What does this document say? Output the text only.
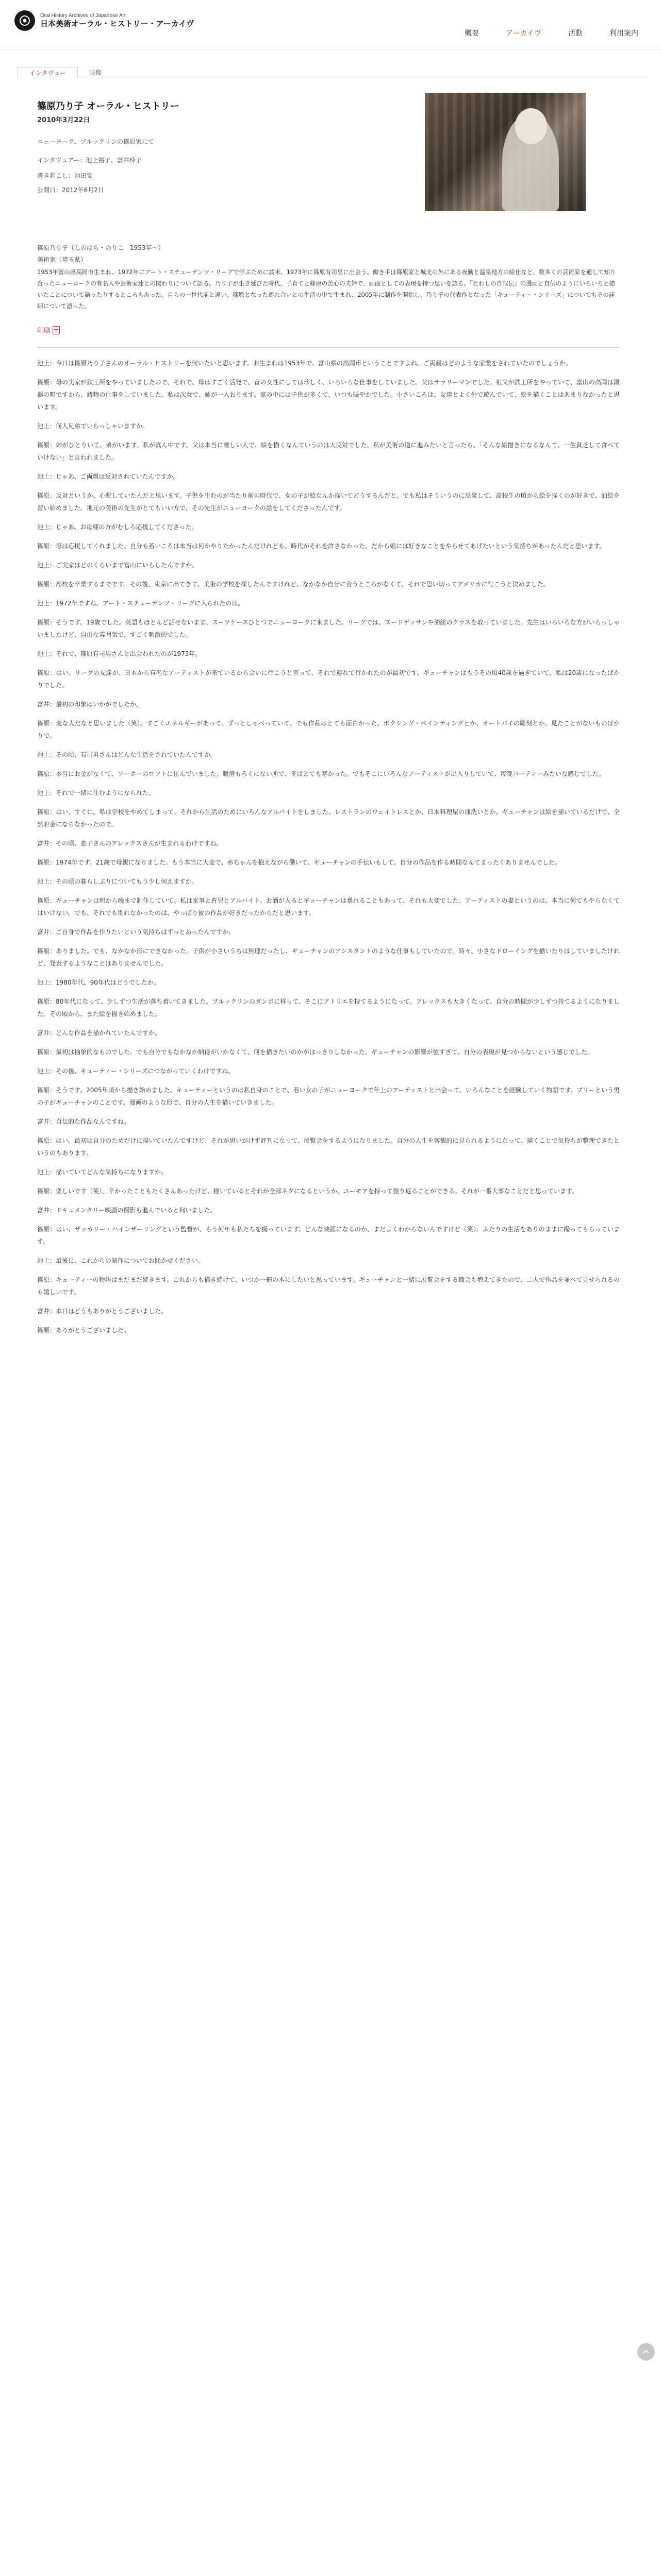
Oral History Archives of Japanese Art
日本美術オーラル・ヒストリー・アーカイヴ
概要	アーカイヴ	活動	利用案内
インタヴュー	映像
篠原乃り子 オーラル・ヒストリー
2010年3月22日
ニューヨーク、ブルックリンの篠原家にて
インタヴュアー：池上裕子、富井玲子
書き起こし：池田安
公開日：2012年6月2日
篠原乃り子（しのはら・のりこ　1953年〜）
美術家（埼玉県）

1953年富山県高岡市生まれ。1972年にアート・スチューデンツ・リーグで学ぶために渡米、1973年に篠原有司男に出会う。働き手は篠原家と城北の外にある夜勤と温泉地方の給仕など、数多くの芸術家を通して知り合ったニューヨークの有名人や芸術家達との関わりについて語る。乃り子が生き延びた時代、子育てと篠原の苦心の夫婦で、画面としての表現を持つ思いを語る。『たわしの自叙伝』の漫画と自伝のようにいろいろと描いたことについて語ったりするところもあった。自らの一世代前と違い、篠原となった連れ合いとの生活の中で生まれ、2005年に制作を開始し、乃り子の代表作となった「キューティー・シリーズ」についてもその詳細について語った。

印刷

池上：今日は篠原乃り子さんのオーラル・ヒストリーを伺いたいと思います。お生まれは1953年で、富山県の高岡市ということですよね。ご両親はどのような家業をされていたのでしょうか。

篠原：母の実家が鉄工所をやっていましたので、それで、母はすごく活発で、昔の女性にしては珍しく、いろいろな仕事をしていました。父はサラリーマンでした。祖父が鉄工所をやっていて、富山の高岡は銅器の町ですから、鋳物の仕事をしていました。私は次女で、姉が一人おります。家の中には子供が多くて、いつも賑やかでした。小さいころは、友達とよく外で遊んでいて、絵を描くことはあまりなかったと思います。

池上：何人兄弟でいらっしゃいますか。

篠原：姉がひとりいて、弟がいます。私が真ん中です。父は本当に厳しい人で、絵を描くなんていうのは大反対でした。私が美術の道に進みたいと言ったら、「そんな絵描きになるなんて、一生貧乏して食べていけない」と言われました。

池上：じゃあ、ご両親は反対されていたんですか。

篠原：反対というか、心配していたんだと思います。子供を生むのが当たり前の時代で、女の子が絵なんか描いてどうするんだと。でも私はそういうのに反発して、高校生の頃から絵を描くのが好きで、油絵を習い始めました。地元の美術の先生がとてもいい方で、その先生がニューヨークの話をしてくださったんです。

池上：じゃあ、お母様の方がむしろ応援してくださった。

篠原：母は応援してくれました。自分も若いころは本当は何かやりたかったんだけれども、時代がそれを許さなかった。だから娘には好きなことをやらせてあげたいという気持ちがあったんだと思います。

池上：ご実家はどのくらいまで富山にいらしたんですか。

篠原：高校を卒業するまでです。その後、東京に出てきて、美術の学校を探したんですけれど、なかなか自分に合うところがなくて、それで思い切ってアメリカに行こうと決めました。

池上：1972年ですね。アート・スチューデンツ・リーグに入られたのは。

篠原：そうです。19歳でした。英語もほとんど話せないまま、スーツケースひとつでニューヨークに来ました。リーグでは、ヌードデッサンや油絵のクラスを取っていました。先生はいろいろな方がいらっしゃいましたけど、自由な雰囲気で、すごく刺激的でした。

池上：それで、篠原有司男さんと出会われたのが1973年。

篠原：はい。リーグの友達が、日本から有名なアーティストが来ているから会いに行こうと言って、それで連れて行かれたのが最初です。ギューチャンはもうその頃40歳を過ぎていて、私は20歳になったばかりでした。

富井：最初の印象はいかがでしたか。

篠原：変な人だなと思いました（笑）。すごくエネルギーがあって、ずっとしゃべっていて、でも作品はとても面白かった。ボクシング・ペインティングとか、オートバイの彫刻とか、見たことがないものばかりで。

池上：その頃、有司男さんはどんな生活をされていたんですか。

篠原：本当にお金がなくて、ソーホーのロフトに住んでいました。暖房もろくにない所で、冬はとても寒かった。でもそこにいろんなアーティストが出入りしていて、毎晩パーティーみたいな感じでした。

池上：それで一緒に住むようになられた。

篠原：はい、すぐに。私は学校をやめてしまって、それから生活のためにいろんなアルバイトをしました。レストランのウェイトレスとか、日本料理屋の皿洗いとか。ギューチャンは絵を描いているだけで、全然お金にならなかったので。

富井：その頃、息子さんのアレックスさんが生まれるわけですね。

篠原：1974年です。21歳で母親になりました。もう本当に大変で、赤ちゃんを抱えながら働いて、ギューチャンの手伝いもして。自分の作品を作る時間なんてまったくありませんでした。

池上：その頃の暮らしぶりについてもう少し伺えますか。

篠原：ギューチャンは朝から晩まで制作していて、私は家事と育児とアルバイト。お酒が入るとギューチャンは暴れることもあって、それも大変でした。アーティストの妻というのは、本当に何でもやらなくてはいけない。でも、それでも別れなかったのは、やっぱり彼の作品が好きだったからだと思います。

富井：ご自身で作品を作りたいという気持ちはずっとあったんですか。

篠原：ありました。でも、なかなか形にできなかった。子供が小さいうちは無理だったし、ギューチャンのアシスタントのような仕事もしていたので。時々、小さなドローイングを描いたりはしていましたけれど、発表するようなことはありませんでした。

池上：1980年代、90年代はどうでしたか。

篠原：80年代になって、少しずつ生活が落ち着いてきました。ブルックリンのダンボに移って、そこにアトリエを持てるようになって。アレックスも大きくなって、自分の時間が少しずつ持てるようになりました。その頃から、また絵を描き始めました。

富井：どんな作品を描かれていたんですか。

篠原：最初は抽象的なものでした。でも自分でもなかなか納得がいかなくて、何を描きたいのかがはっきりしなかった。ギューチャンの影響が強すぎて、自分の表現が見つからないという感じでした。

池上：その後、キューティー・シリーズにつながっていくわけですね。

篠原：そうです。2005年頃から描き始めました。キューティーというのは私自身のことで、若い女の子がニューヨークで年上のアーティストと出会って、いろんなことを経験していく物語です。ブリーという男の子がギューチャンのことです。漫画のような形で、自分の人生を描いていきました。

富井：自伝的な作品なんですね。

篠原：はい。最初は自分のためだけに描いていたんですけど、それが思いがけず評判になって、展覧会をするようになりました。自分の人生を客観的に見られるようになって、描くことで気持ちが整理できたというのもあります。

池上：描いていてどんな気持ちになりますか。

篠原：楽しいです（笑）。辛かったこともたくさんあったけど、描いているとそれが全部ネタになるというか。ユーモアを持って振り返ることができる。それが一番大事なことだと思っています。

富井：ドキュメンタリー映画の撮影も進んでいると伺いました。

篠原：はい、ザッカリー・ハインザーリングという監督が、もう何年も私たちを撮っています。どんな映画になるのか、まだよくわからないんですけど（笑）。ふたりの生活をありのままに撮ってもらっています。

池上：最後に、これからの制作についてお聞かせください。

篠原：キューティーの物語はまだまだ続きます。これからも描き続けて、いつか一冊の本にしたいと思っています。ギューチャンと一緒に展覧会をする機会も増えてきたので、二人で作品を並べて見せられるのも嬉しいです。

富井：本日はどうもありがとうございました。

篠原：ありがとうございました。
